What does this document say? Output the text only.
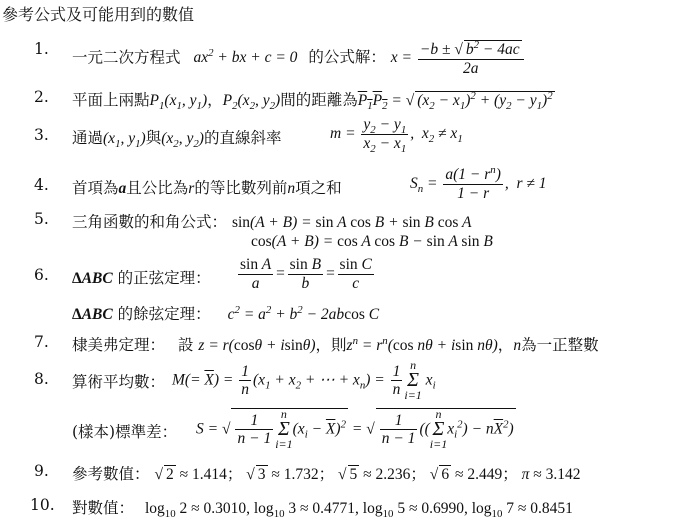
參考公式及可能用到的數值
1.	一元二次方程式 $ax^2$ + bx + c = 0 的公式解： $x = \frac{-b \pm √ b^2 - 4ac}{2a}$
2.	平面上兩點$P_1(x_1$, $y_1$)，$P_2(x_2$, $y_2$)間的距離為$P_1P_2$ = √ $(x_2 - x_1)^2 + (y_2 - y_1)^2$
3.	通過($x_1$, $y_1$)與($x_2$, $y_2$)的直線斜率	$m = \frac{y_2 - y_1}{x_2 - x_1}$ ,  $x_2 \ne x_1$
4.	首項為a且公比為r的等比數列前n項之和	$S_n = \frac{a(1 - r^n)}{1 - r}$ ,  r ≠ 1
5.	三角函數的和角公式： sin(A + B) = sin A cos B + sin B cos A
cos(A + B) = cos A cos B − sin A sin B
6.	ΔABC 的正弦定理： $\frac{\text{sin A}}{a} = \frac{\text{sin B}}{b} = \frac{\text{sin C}}{c}$
ΔABC 的餘弦定理： $c^2 = a^2 + b^2 - 2abcos$ C
7.	棣美弗定理： 設 z = r(cosθ + isinθ)，則$z^n = r^n(\cos$ nθ + isin nθ)，n為一正整數
8.	算術平均數： $M(= \overline{X}) = \frac{1}{n} (x_1 + x_2$ + ⋯ + $x_n) = \frac{1}{n}$ n
Σ
i=1 $x_i$
(樣本)標準差： S = √ $\frac{1}{n - 1}$ n
Σ
$i=1(x_i - \overline{X})^2$ = √ $\frac{1}{n - 1} ((n$
Σ
$i=1x_i^2) - n\overline{X}^2$)
9.	參考數值： √ 2 ≈ 1.414； √ 3 ≈ 1.732； √ 5 ≈ 2.236； √ 6 ≈ 2.449； π ≈ 3.142
10.	對數值： $\log_{10} 2 \approx 0.3010$, $\log_{10} 3 \approx 0.4771$, $\log_{10} 5 \approx 0.6990$, $\log_{10} 7 \approx 0.8451$
